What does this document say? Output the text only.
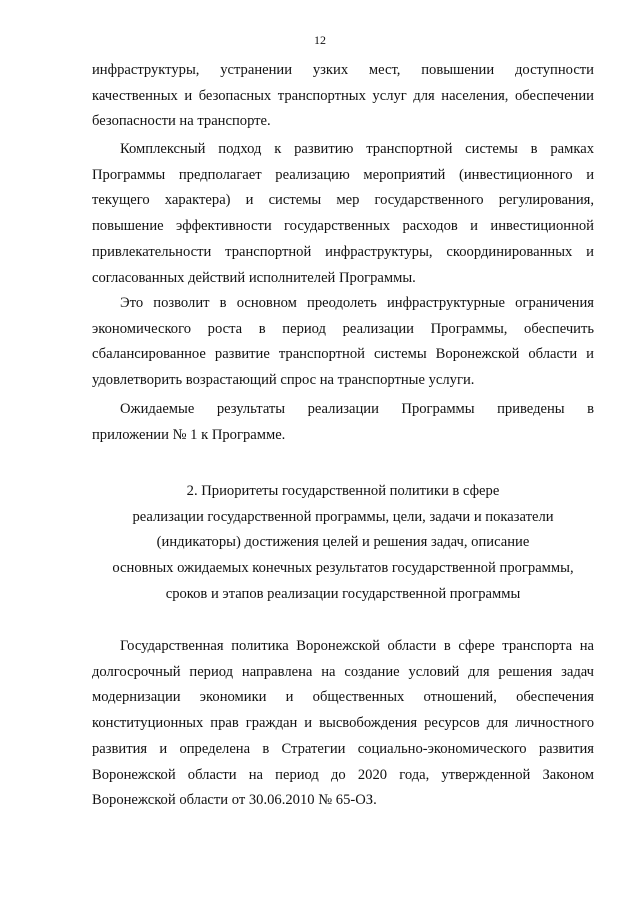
12
инфраструктуры, устранении узких мест, повышении доступности
качественных и безопасных транспортных услуг для населения, обеспечении
безопасности на транспорте.
Комплексный подход к развитию транспортной системы в рамках
Программы предполагает реализацию мероприятий (инвестиционного и
текущего характера) и системы мер государственного регулирования,
повышение эффективности государственных расходов и инвестиционной
привлекательности транспортной инфраструктуры, скоординированных и
согласованных действий исполнителей Программы.
Это позволит в основном преодолеть инфраструктурные ограничения
экономического роста в период реализации Программы, обеспечить
сбалансированное развитие транспортной системы Воронежской области и
удовлетворить возрастающий спрос на транспортные услуги.
Ожидаемые результаты реализации Программы приведены в
приложении № 1 к Программе.
2. Приоритеты государственной политики в сфере
реализации государственной программы, цели, задачи и показатели
(индикаторы) достижения целей и решения задач, описание
основных ожидаемых конечных результатов государственной программы,
сроков и этапов реализации государственной программы
Государственная политика Воронежской области в сфере транспорта на
долгосрочный период направлена на создание условий для решения задач
модернизации экономики и общественных отношений, обеспечения
конституционных прав граждан и высвобождения ресурсов для личностного
развития и определена в Стратегии социально-экономического развития
Воронежской области на период до 2020 года, утвержденной Законом
Воронежской области от 30.06.2010 № 65-ОЗ.
